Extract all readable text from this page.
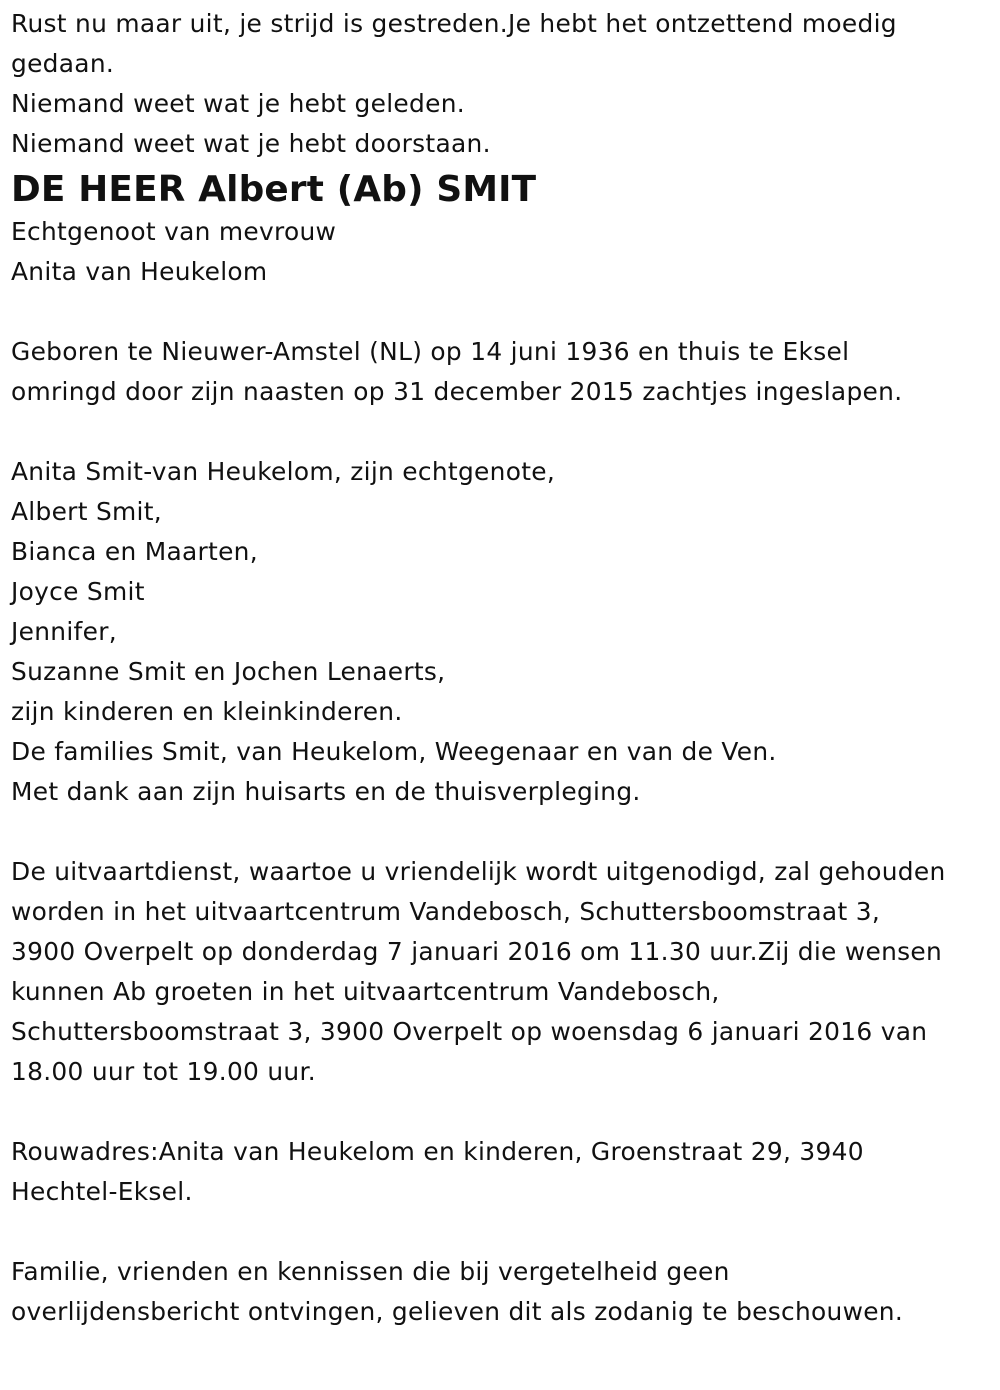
Rust nu maar uit, je strijd is gestreden.Je hebt het ontzettend moedig
gedaan.
Niemand weet wat je hebt geleden.
Niemand weet wat je hebt doorstaan.
DE HEER Albert (Ab) SMIT
Echtgenoot van mevrouw
Anita van Heukelom
Geboren te Nieuwer-Amstel (NL) op 14 juni 1936 en thuis te Eksel
omringd door zijn naasten op 31 december 2015 zachtjes ingeslapen.
Anita Smit-van Heukelom, zijn echtgenote,
Albert Smit,
Bianca en Maarten,
Joyce Smit
Jennifer,
Suzanne Smit en Jochen Lenaerts,
zijn kinderen en kleinkinderen.
De families Smit, van Heukelom, Weegenaar en van de Ven.
Met dank aan zijn huisarts en de thuisverpleging.
De uitvaartdienst, waartoe u vriendelijk wordt uitgenodigd, zal gehouden
worden in het uitvaartcentrum Vandebosch, Schuttersboomstraat 3,
3900 Overpelt op donderdag 7 januari 2016 om 11.30 uur.Zij die wensen
kunnen Ab groeten in het uitvaartcentrum Vandebosch,
Schuttersboomstraat 3, 3900 Overpelt op woensdag 6 januari 2016 van
18.00 uur tot 19.00 uur.
Rouwadres:Anita van Heukelom en kinderen, Groenstraat 29, 3940
Hechtel-Eksel.
Familie, vrienden en kennissen die bij vergetelheid geen
overlijdensbericht ontvingen, gelieven dit als zodanig te beschouwen.
